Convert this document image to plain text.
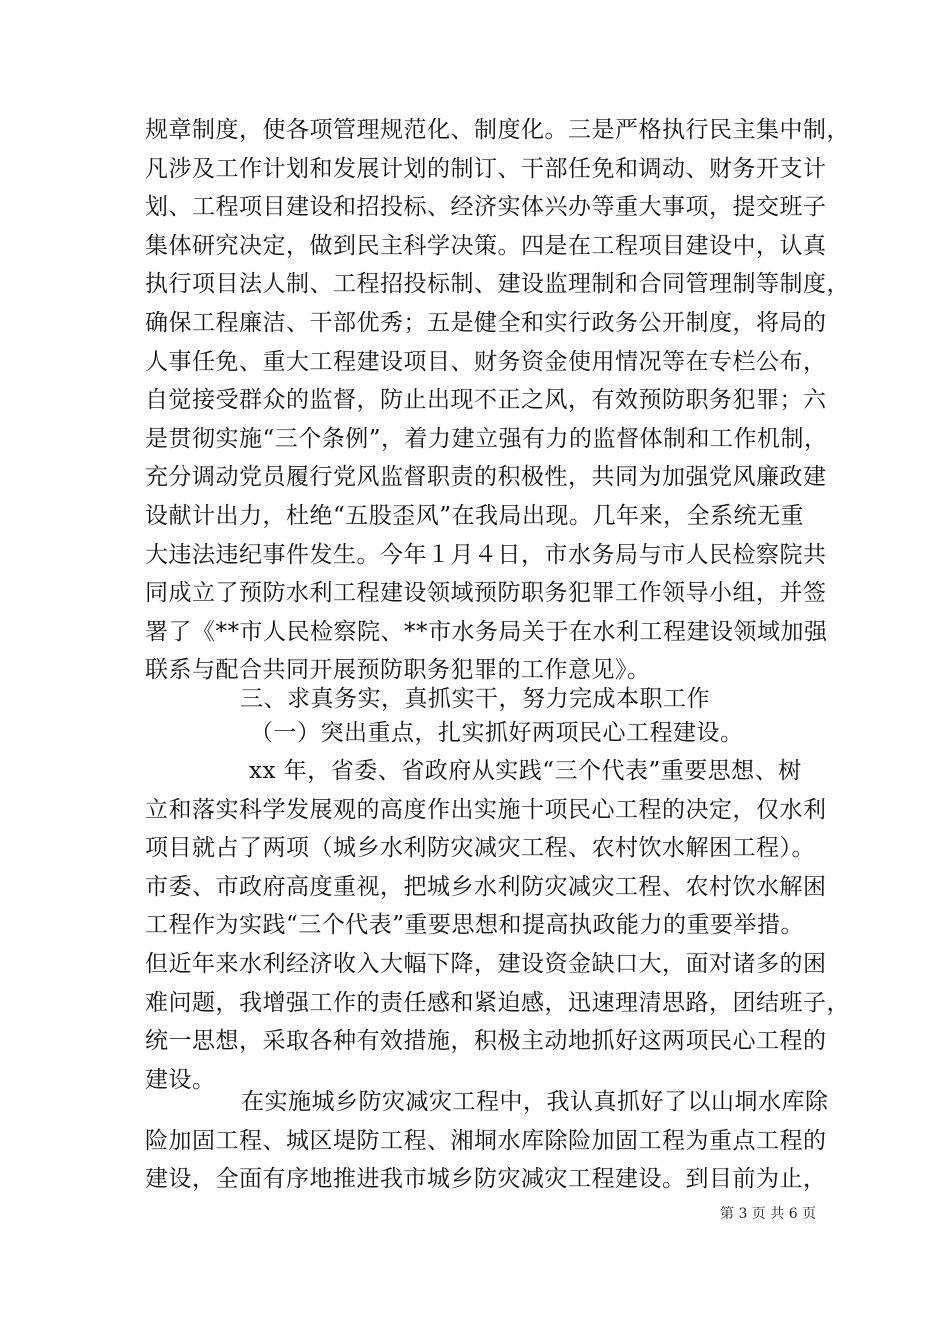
规章制度，使各项管理规范化、制度化。三是严格执行民主集中制，
凡涉及工作计划和发展计划的制订、干部任免和调动、财务开支计
划、工程项目建设和招投标、经济实体兴办等重大事项，提交班子
集体研究决定，做到民主科学决策。四是在工程项目建设中，认真
执行项目法人制、工程招投标制、建设监理制和合同管理制等制度，
确保工程廉洁、干部优秀；五是健全和实行政务公开制度，将局的
人事任免、重大工程建设项目、财务资金使用情况等在专栏公布，
自觉接受群众的监督，防止出现不正之风，有效预防职务犯罪；六
是贯彻实施“三个条例”，着力建立强有力的监督体制和工作机制，
充分调动党员履行党风监督职责的积极性，共同为加强党风廉政建
设献计出力，杜绝“五股歪风”在我局出现。几年来，全系统无重
大违法违纪事件发生。今年１月４日，市水务局与市人民检察院共
同成立了预防水利工程建设领域预防职务犯罪工作领导小组，并签
署了《**市人民检察院、**市水务局关于在水利工程建设领域加强
联系与配合共同开展预防职务犯罪的工作意见》。
三、求真务实，真抓实干，努力完成本职工作
（一）突出重点，扎实抓好两项民心工程建设。
xx 年，省委、省政府从实践“三个代表”重要思想、树
立和落实科学发展观的高度作出实施十项民心工程的决定，仅水利
项目就占了两项（城乡水利防灾减灾工程、农村饮水解困工程）。
市委、市政府高度重视，把城乡水利防灾减灾工程、农村饮水解困
工程作为实践“三个代表”重要思想和提高执政能力的重要举措。
但近年来水利经济收入大幅下降，建设资金缺口大，面对诸多的困
难问题，我增强工作的责任感和紧迫感，迅速理清思路，团结班子，
统一思想，采取各种有效措施，积极主动地抓好这两项民心工程的
建设。
在实施城乡防灾减灾工程中，我认真抓好了以山垌水库除
险加固工程、城区堤防工程、湘垌水库除险加固工程为重点工程的
建设，全面有序地推进我市城乡防灾减灾工程建设。到目前为止，
第 3 页 共 6 页
